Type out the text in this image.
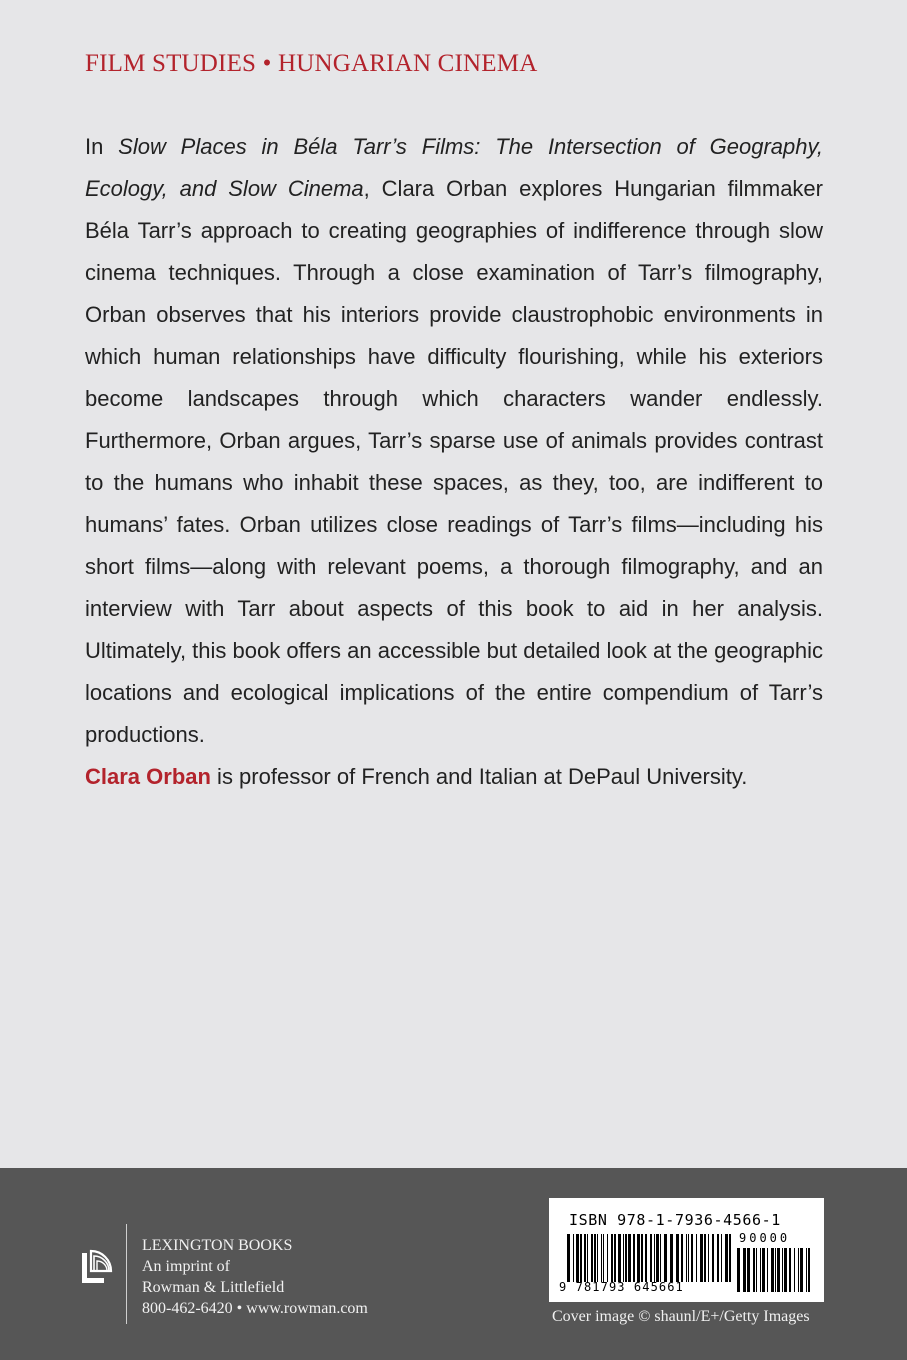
FILM STUDIES • HUNGARIAN CINEMA

In Slow Places in Béla Tarr’s Films: The Intersection of Geography, Ecology, and Slow Cinema, Clara Orban explores Hungarian filmmaker Béla Tarr’s approach to creating geographies of indifference through slow cinema techniques. Through a close examination of Tarr’s filmography, Orban observes that his interiors provide claustrophobic environments in which human relationships have difficulty flourishing, while his exteriors become landscapes through which characters wander endlessly. Furthermore, Orban argues, Tarr’s sparse use of animals provides contrast to the humans who inhabit these spaces, as they, too, are indifferent to humans’ fates. Orban utilizes close readings of Tarr’s films—including his short films—along with relevant poems, a thorough filmography, and an interview with Tarr about aspects of this book to aid in her analysis. Ultimately, this book offers an accessible but detailed look at the geographic locations and ecological implications of the entire compendium of Tarr’s productions.

Clara Orban is professor of French and Italian at DePaul University.

LEXINGTON BOOKS
An imprint of
Rowman & Littlefield
800-462-6420 • www.rowman.com
ISBN 978-1-7936-4566-1
9 781793 645661
90000
Cover image © shaunl/E+/Getty Images
